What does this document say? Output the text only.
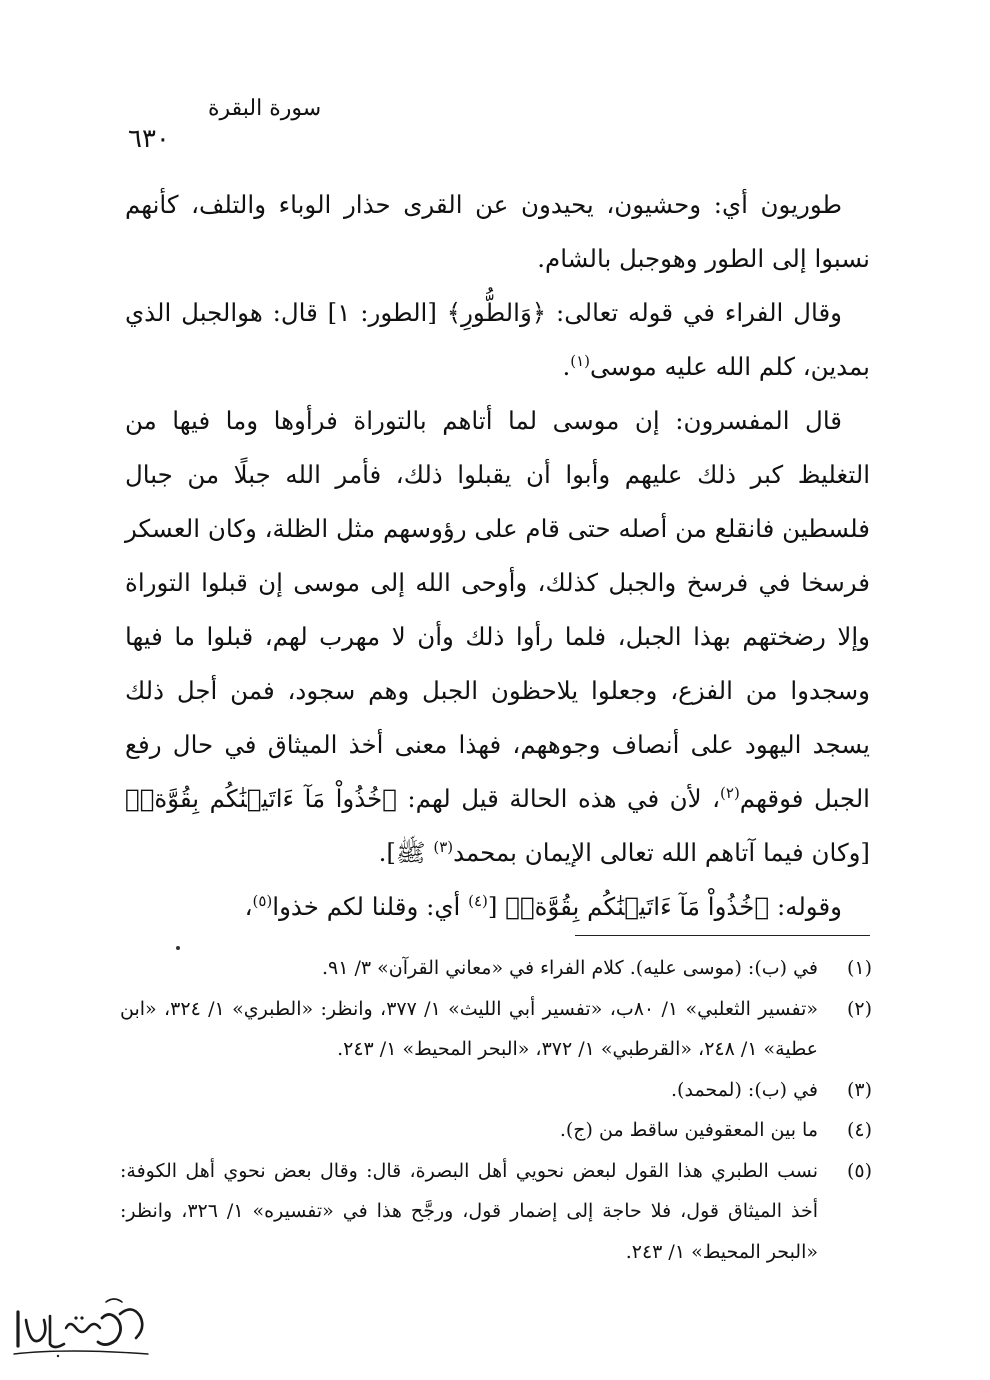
سورة البقرة
٦٣٠

طوريون أي: وحشيون، يحيدون عن القرى حذار الوباء والتلف، كأنهم نسبوا إلى الطور وهوجبل بالشام.

وقال الفراء في قوله تعالى: ﴿وَالطُّورِ﴾ [الطور: ١] قال: هوالجبل الذي بمدين، كلم الله عليه موسى$^{(١)}$.

قال المفسرون: إن موسى لما أتاهم بالتوراة فرأوها وما فيها من التغليظ كبر ذلك عليهم وأبوا أن يقبلوا ذلك، فأمر الله جبلًا من جبال فلسطين فانقلع من أصله حتى قام على رؤوسهم مثل الظلة، وكان العسكر فرسخا في فرسخ والجبل كذلك، وأوحى الله إلى موسى إن قبلوا التوراة وإلا رضختهم بهذا الجبل، فلما رأوا ذلك وأن لا مهرب لهم، قبلوا ما فيها وسجدوا من الفزع، وجعلوا يلاحظون الجبل وهم سجود، فمن أجل ذلك يسجد اليهود على أنصاف وجوههم، فهذا معنى أخذ الميثاق في حال رفع الجبل فوقهم$^{(٢)}$، لأن في هذه الحالة قيل لهم: ﴿خُذُواْ مَآ ءَاتَيۡنَٰكُم بِقُوَّةٖ﴾ [وكان فيما آتاهم الله تعالى الإيمان بمحمد$^{(٣)}$ ﷺ].

وقوله: ﴿خُذُواْ مَآ ءَاتَيۡنَٰكُم بِقُوَّةٖ﴾ [$^{(٤)}$ أي: وقلنا لكم خذوا$^{(٥)}$،

(١)
في (ب): (موسى عليه). كلام الفراء في «معاني القرآن» ٣/ ٩١.
(٢)
«تفسير الثعلبي» ١/ ٨٠ب، «تفسير أبي الليث» ١/ ٣٧٧، وانظر: «الطبري» ١/ ٣٢٤، «ابن عطية» ١/ ٢٤٨، «القرطبي» ١/ ٣٧٢، «البحر المحيط» ١/ ٢٤٣.
(٣)
في (ب): (لمحمد).
(٤)
ما بين المعقوفين ساقط من (ج).
(٥)
نسب الطبري هذا القول لبعض نحويي أهل البصرة، قال: وقال بعض نحوي أهل الكوفة: أخذ الميثاق قول، فلا حاجة إلى إضمار قول، ورجَّح هذا في «تفسيره» ١/ ٣٢٦، وانظر: «البحر المحيط» ١/ ٢٤٣.
